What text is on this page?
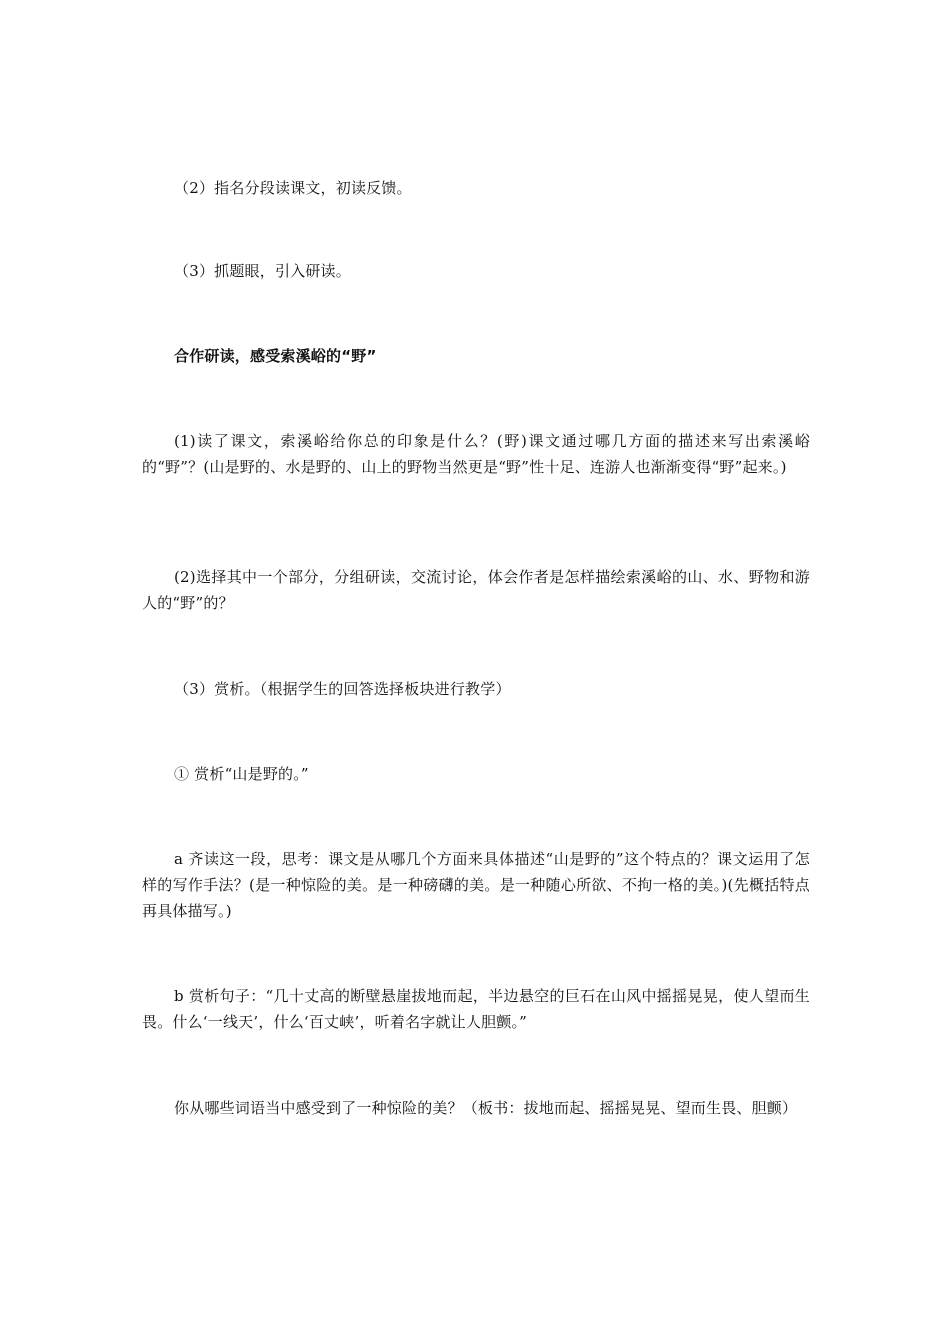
（2）指名分段读课文，初读反馈。

（3）抓题眼，引入研读。

合作研读，感受索溪峪的“野”

(1)读了课文，索溪峪给你总的印象是什么？(野)课文通过哪几方面的描述来写出索溪峪的“野”？(山是野的、水是野的、山上的野物当然更是“野”性十足、连游人也渐渐变得“野”起来。)

(2)选择其中一个部分，分组研读，交流讨论，体会作者是怎样描绘索溪峪的山、水、野物和游人的“野”的？

（3）赏析。（根据学生的回答选择板块进行教学）

① 赏析“山是野的。”

a 齐读这一段，思考：课文是从哪几个方面来具体描述“山是野的”这个特点的？课文运用了怎样的写作手法？(是一种惊险的美。是一种磅礴的美。是一种随心所欲、不拘一格的美。)(先概括特点再具体描写。)

b 赏析句子：“几十丈高的断壁悬崖拔地而起，半边悬空的巨石在山风中摇摇晃晃，使人望而生畏。什么‘一线天’，什么‘百丈峡’，听着名字就让人胆颤。”

你从哪些词语当中感受到了一种惊险的美？（板书：拔地而起、摇摇晃晃、望而生畏、胆颤）
